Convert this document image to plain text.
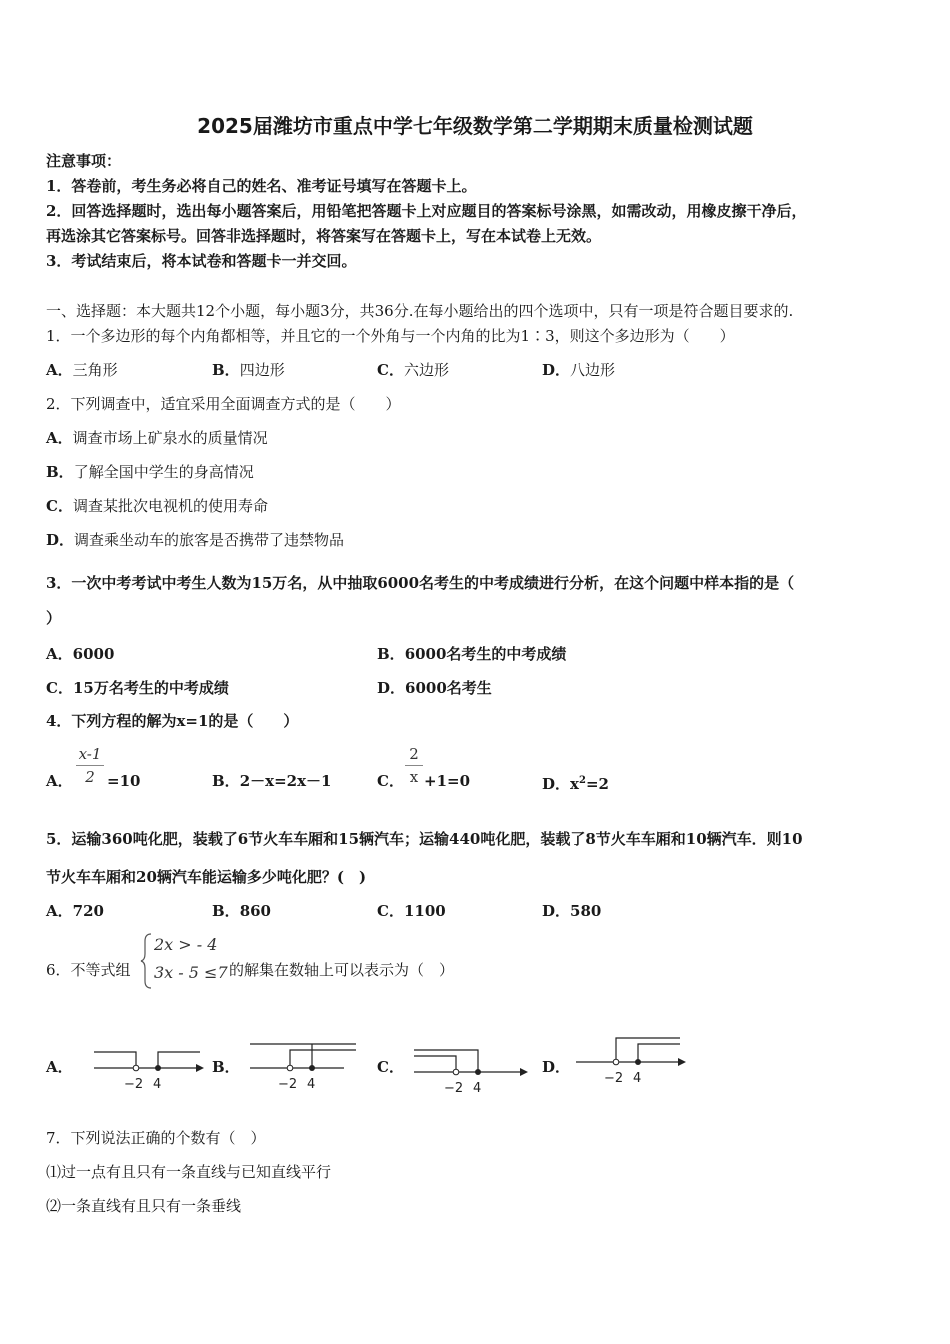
2025届潍坊市重点中学七年级数学第二学期期末质量检测试题
注意事项：
1．答卷前，考生务必将自己的姓名、准考证号填写在答题卡上。
2．回答选择题时，选出每小题答案后，用铅笔把答题卡上对应题目的答案标号涂黑，如需改动，用橡皮擦干净后，
再选涂其它答案标号。回答非选择题时，将答案写在答题卡上，写在本试卷上无效。
3．考试结束后，将本试卷和答题卡一并交回。
一、选择题：本大题共12个小题，每小题3分，共36分.在每小题给出的四个选项中，只有一项是符合题目要求的.
1．一个多边形的每个内角都相等，并且它的一个外角与一个内角的比为1∶3，则这个多边形为（　　）
A．三角形	B．四边形	C．六边形	D．八边形
2．下列调查中，适宜采用全面调查方式的是（　　）
A．调查市场上矿泉水的质量情况
B．了解全国中学生的身高情况
C．调查某批次电视机的使用寿命
D．调查乘坐动车的旅客是否携带了违禁物品
3．一次中考考试中考生人数为15万名，从中抽取6000名考生的中考成绩进行分析，在这个问题中样本指的是（
）
A．6000	B．6000名考生的中考成绩
C．15万名考生的中考成绩	D．6000名考生
4．下列方程的解为x=1的是（　　）
A．
x-1
2 =10	B．2－x=2x－1	C．
2
x +1=0	D．$x^2=2$
5．运输360吨化肥，装载了6节火车车厢和15辆汽车；运输440吨化肥，装载了8节火车车厢和10辆汽车．则10
节火车车厢和20辆汽车能运输多少吨化肥？(　)
A．720	B．860	C．1100	D．580
6．不等式组
2x > - 4
3x - 5 ≤7 的解集在数轴上可以表示为（　）
A．
−2 4
B．
−2 4
C．
−2 4
D．
−2 4
7．下列说法正确的个数有（　）
⑴过一点有且只有一条直线与已知直线平行
⑵一条直线有且只有一条垂线
